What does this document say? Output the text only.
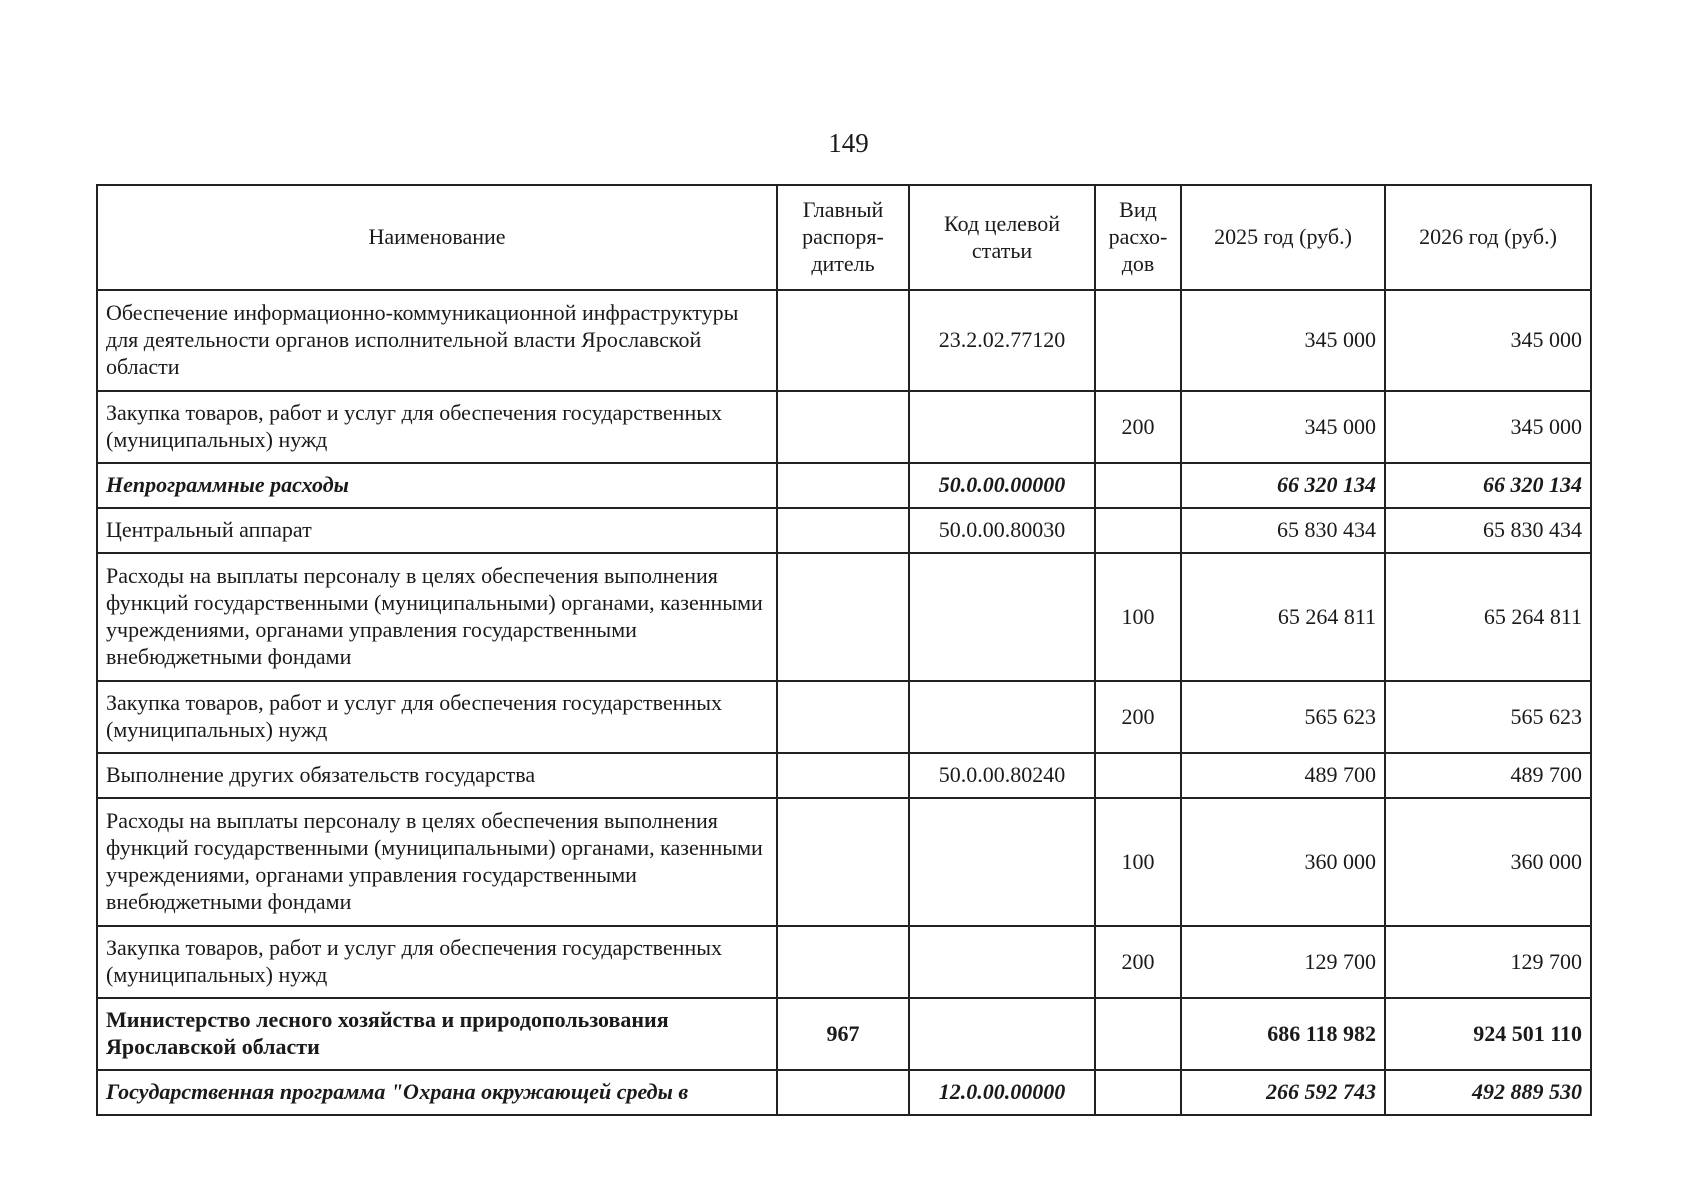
149
Наименование	Главный распоря-дитель	Код целевой статьи	Вид расхо-дов	2025 год (руб.)	2026 год (руб.)
Обеспечение информационно-коммуникационной инфраструктуры для деятельности органов исполнительной власти Ярославской области		23.2.02.77120		345 000	345 000
Закупка товаров, работ и услуг для обеспечения государственных (муниципальных) нужд			200	345 000	345 000
Непрограммные расходы		50.0.00.00000		66 320 134	66 320 134
Центральный аппарат		50.0.00.80030		65 830 434	65 830 434
Расходы на выплаты персоналу в целях обеспечения выполнения функций государственными (муниципальными) органами, казенными учреждениями, органами управления государственными внебюджетными фондами			100	65 264 811	65 264 811
Закупка товаров, работ и услуг для обеспечения государственных (муниципальных) нужд			200	565 623	565 623
Выполнение других обязательств государства		50.0.00.80240		489 700	489 700
Расходы на выплаты персоналу в целях обеспечения выполнения функций государственными (муниципальными) органами, казенными учреждениями, органами управления государственными внебюджетными фондами			100	360 000	360 000
Закупка товаров, работ и услуг для обеспечения государственных (муниципальных) нужд			200	129 700	129 700
Министерство лесного хозяйства и природопользования Ярославской области	967			686 118 982	924 501 110
Государственная программа "Охрана окружающей среды в		12.0.00.00000		266 592 743	492 889 530
